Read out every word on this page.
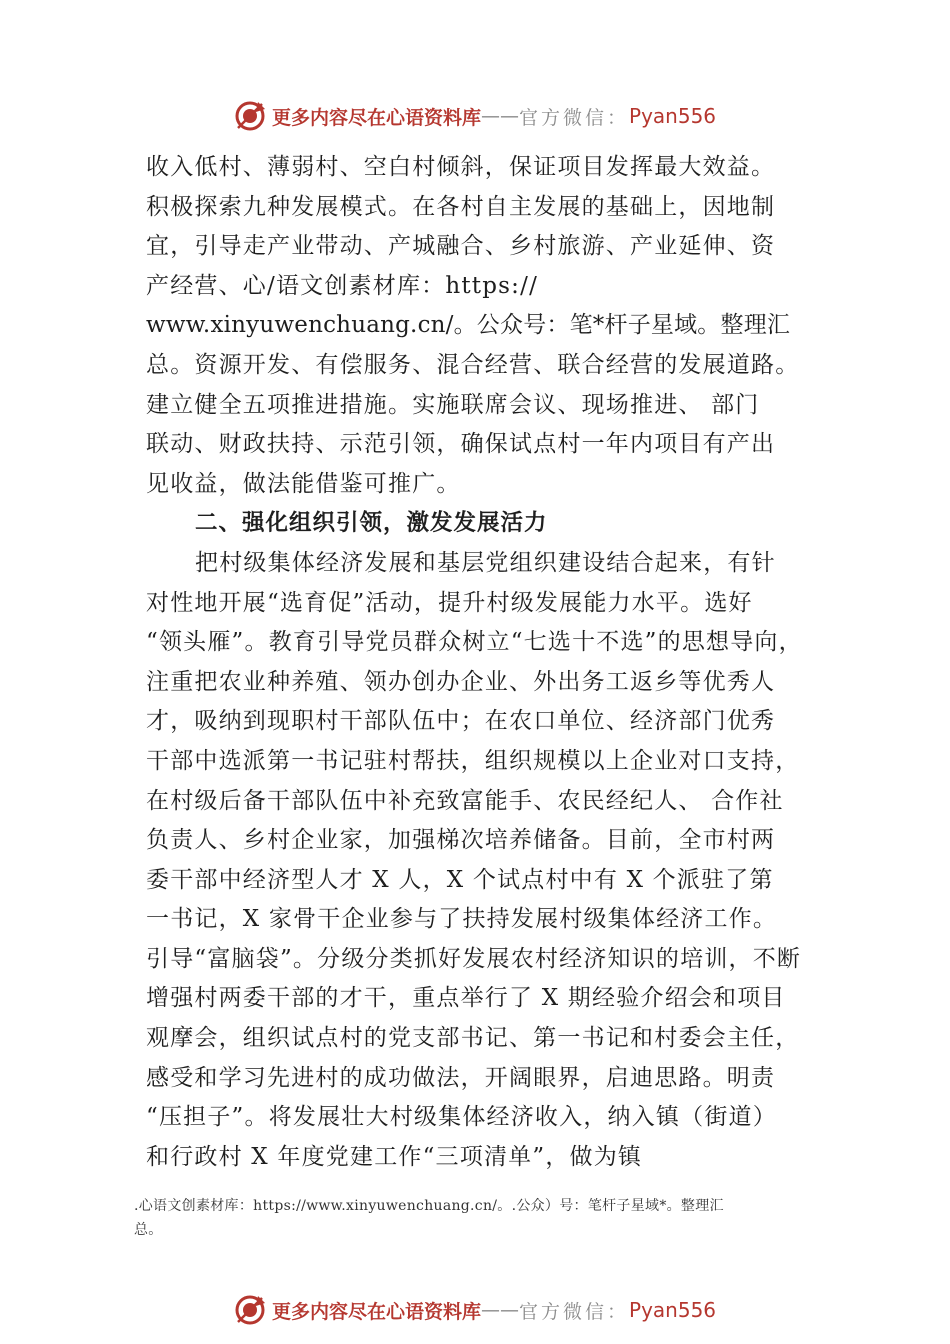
更多内容尽在心语资料库 —— 官方微信： Pyan556
收入低村、薄弱村、空白村倾斜，保证项目发挥最大效益。
积极探索九种发展模式。在各村自主发展的基础上，因地制
宜，引导走产业带动、产城融合、乡村旅游、产业延伸、资
产经营、心/语文创素材库：https://
www.xinyuwenchuang.cn/。公众号：笔*杆子星域。整理汇
总。资源开发、有偿服务、混合经营、联合经营的发展道路。
建立健全五项推进措施。实施联席会议、现场推进、 部门
联动、财政扶持、示范引领，确保试点村一年内项目有产出
见收益，做法能借鉴可推广。
二、强化组织引领，激发发展活力
把村级集体经济发展和基层党组织建设结合起来，有针
对性地开展“选育促”活动，提升村级发展能力水平。选好
“领头雁”。教育引导党员群众树立“七选十不选”的思想导向，
注重把农业种养殖、领办创办企业、外出务工返乡等优秀人
才，吸纳到现职村干部队伍中；在农口单位、经济部门优秀
干部中选派第一书记驻村帮扶，组织规模以上企业对口支持，
在村级后备干部队伍中补充致富能手、农民经纪人、 合作社
负责人、乡村企业家，加强梯次培养储备。目前，全市村两
委干部中经济型人才 X 人，X 个试点村中有 X 个派驻了第
一书记，X 家骨干企业参与了扶持发展村级集体经济工作。
引导“富脑袋”。分级分类抓好发展农村经济知识的培训，不断
增强村两委干部的才干，重点举行了 X 期经验介绍会和项目
观摩会，组织试点村的党支部书记、第一书记和村委会主任，
感受和学习先进村的成功做法，开阔眼界，启迪思路。明责
“压担子”。将发展壮大村级集体经济收入，纳入镇（街道）
和行政村 X 年度党建工作“三项清单”，做为镇
.心语文创素材库：https://www.xinyuwenchuang.cn/。.公众）号：笔杆子星域*。整理汇
总。
更多内容尽在心语资料库 —— 官方微信： Pyan556
